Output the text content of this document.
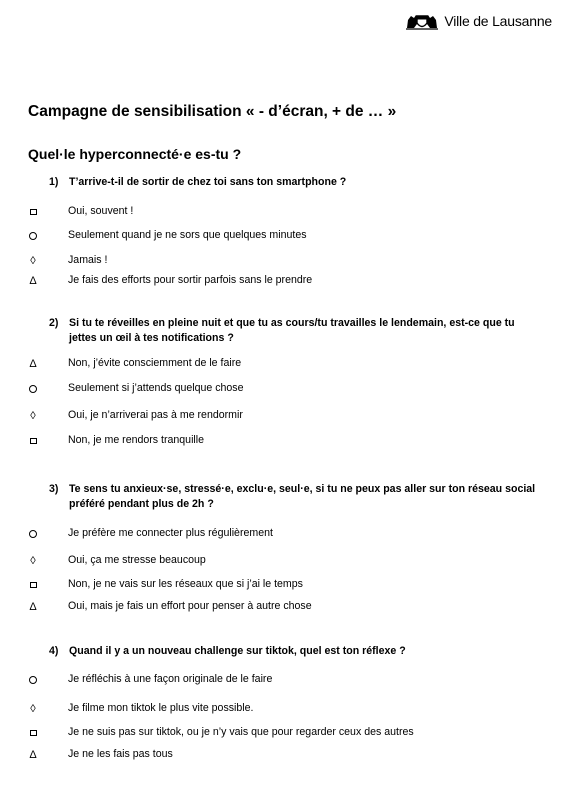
Ville de Lausanne
Campagne de sensibilisation « - d’écran, + de … »
Quel·le hyperconnecté·e es-tu ?
1) T’arrive-t-il de sortir de chez toi sans ton smartphone ?
Oui, souvent !
Seulement quand je ne sors que quelques minutes
◊	Jamais !
Δ	Je fais des efforts pour sortir parfois sans le prendre
2) Si tu te réveilles en pleine nuit et que tu as cours/tu travailles le lendemain, est-ce que tu jettes un œil à tes notifications ?
Δ	Non, j’évite consciemment de le faire
Seulement si j’attends quelque chose
◊	Oui, je n’arriverai pas à me rendormir
Non, je me rendors tranquille
3) Te sens tu anxieux·se, stressé·e, exclu·e, seul·e, si tu ne peux pas aller sur ton réseau social préféré pendant plus de 2h ?
Je préfère me connecter plus régulièrement
◊	Oui, ça me stresse beaucoup
Non, je ne vais sur les réseaux que si j’ai le temps
Δ	Oui, mais je fais un effort pour penser à autre chose
4) Quand il y a un nouveau challenge sur tiktok, quel est ton réflexe ?
Je réfléchis à une façon originale de le faire
◊	Je filme mon tiktok le plus vite possible.
Je ne suis pas sur tiktok, ou je n’y vais que pour regarder ceux des autres
Δ	Je ne les fais pas tous
